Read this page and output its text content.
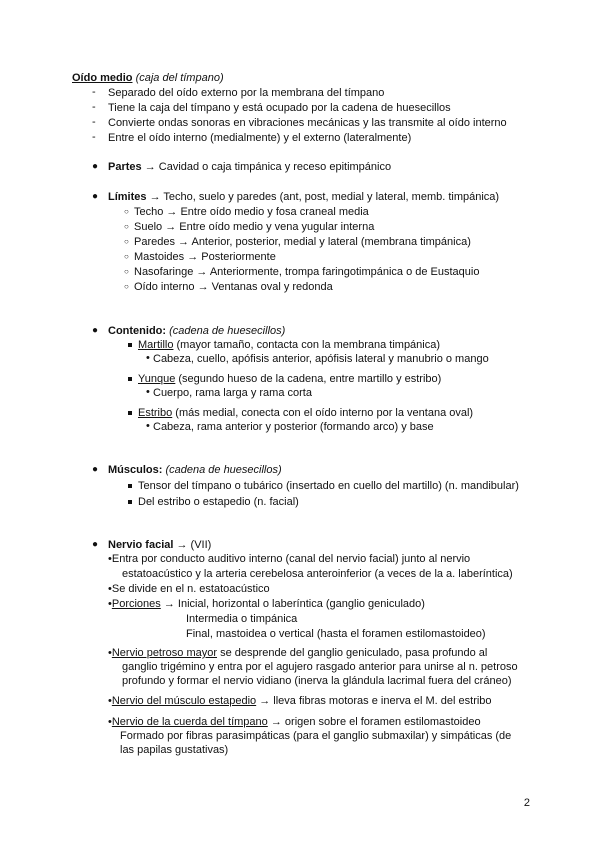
Oído medio (caja del tímpano)
- Separado del oído externo por la membrana del tímpano
- Tiene la caja del tímpano y está ocupado por la cadena de huesecillos
- Convierte ondas sonoras en vibraciones mecánicas y las transmite al oído interno
- Entre el oído interno (medialmente) y el externo (lateralmente)
● Partes → Cavidad o caja timpánica y receso epitimpánico
● Límites → Techo, suelo y paredes (ant, post, medial y lateral, memb. timpánica)
○ Techo → Entre oído medio y fosa craneal media
○ Suelo → Entre oído medio y vena yugular interna
○ Paredes → Anterior, posterior, medial y lateral (membrana timpánica)
○ Mastoides → Posteriormente
○ Nasofaringe → Anteriormente, trompa faringotimpánica o de Eustaquio
○ Oído interno → Ventanas oval y redonda
● Contenido: (cadena de huesecillos)
Martillo (mayor tamaño, contacta con la membrana timpánica)
• Cabeza, cuello, apófisis anterior, apófisis lateral y manubrio o mango
Yunque (segundo hueso de la cadena, entre martillo y estribo)
• Cuerpo, rama larga y rama corta
Estribo (más medial, conecta con el oído interno por la ventana oval)
• Cabeza, rama anterior y posterior (formando arco) y base
● Músculos: (cadena de huesecillos)
Tensor del tímpano o tubárico (insertado en cuello del martillo) (n. mandibular)
Del estribo o estapedio (n. facial)
● Nervio facial → (VII)
•Entra por conducto auditivo interno (canal del nervio facial) junto al nervio
estatoacústico y la arteria cerebelosa anteroinferior (a veces de la a. laberíntica)
•Se divide en el n. estatoacústico
•Porciones → Inicial, horizontal o laberíntica (ganglio geniculado)
Intermedia o timpánica
Final, mastoidea o vertical (hasta el foramen estilomastoideo)
•Nervio petroso mayor se desprende del ganglio geniculado, pasa profundo al
ganglio trigémino y entra por el agujero rasgado anterior para unirse al n. petroso
profundo y formar el nervio vidiano (inerva la glándula lacrimal fuera del cráneo)
•Nervio del músculo estapedio → lleva fibras motoras e inerva el M. del estribo
•Nervio de la cuerda del tímpano → origen sobre el foramen estilomastoideo
Formado por fibras parasimpáticas (para el ganglio submaxilar) y simpáticas (de
las papilas gustativas)
2
